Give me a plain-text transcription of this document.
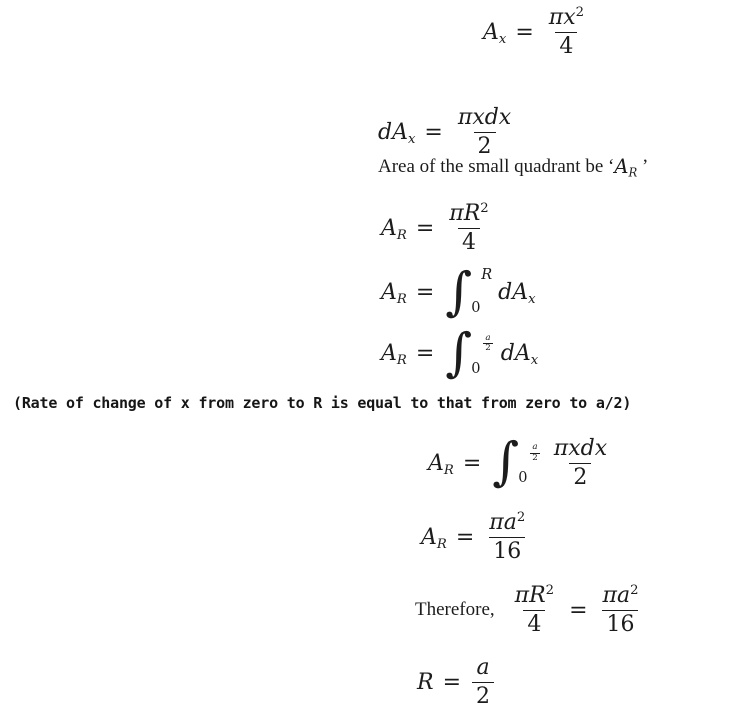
$A_x = \frac{\pi x^2}{4}$
$dA_x = \frac{\text{πxdx}}{2}$
Area of the small quadrant be ‘ $A_R$ ’
$A_R = \frac{\pi R^2}{4}$
$A_R$ = ∫ R
0
$dA_x$
$A_R$ = ∫ $\frac{a}{2}$
0
$dA_x$
(Rate of change of x from zero to R is equal to that from zero to a/2)
$A_R$ = ∫ $\frac{a}{2}$
0	$\frac{\text{πxdx}}{2}$
$A_R = \frac{\pi a^2}{16}$
Therefore, $\frac{\pi R^2}{4} = \frac{\pi a^2}{16}$
$R = \frac{a}{2}$
